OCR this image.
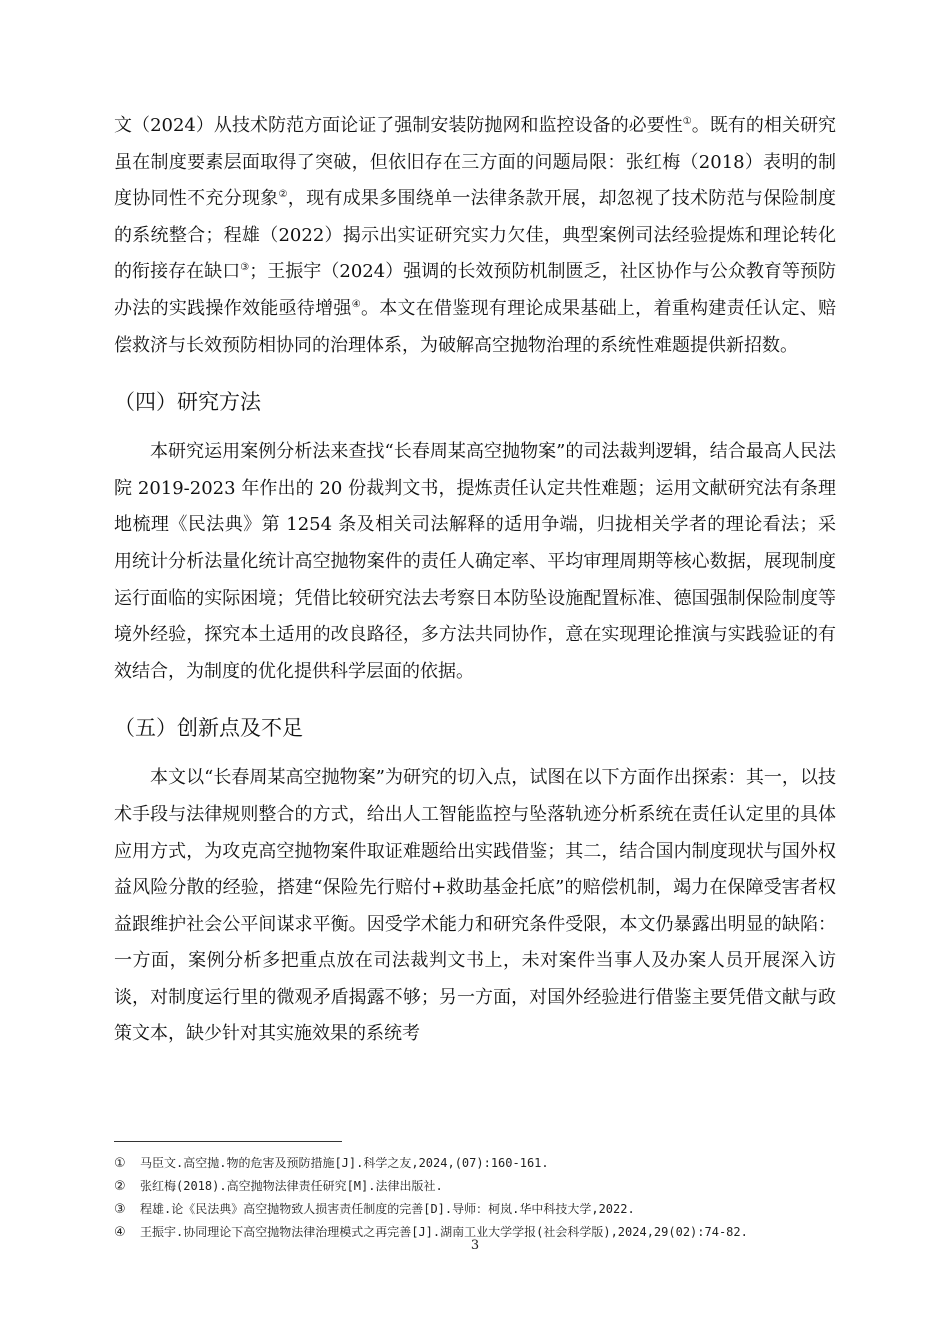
文（2024）从技术防范方面论证了强制安装防抛网和监控设备的必要性①。既有的相关研究虽在制度要素层面取得了突破，但依旧存在三方面的问题局限：张红梅（2018）表明的制度协同性不充分现象②，现有成果多围绕单一法律条款开展，却忽视了技术防范与保险制度的系统整合；程雄（2022）揭示出实证研究实力欠佳，典型案例司法经验提炼和理论转化的衔接存在缺口③；王振宇（2024）强调的长效预防机制匮乏，社区协作与公众教育等预防办法的实践操作效能亟待增强④。本文在借鉴现有理论成果基础上，着重构建责任认定、赔偿救济与长效预防相协同的治理体系，为破解高空抛物治理的系统性难题提供新招数。

（四）研究方法

本研究运用案例分析法来查找“长春周某高空抛物案”的司法裁判逻辑，结合最高人民法院 2019-2023 年作出的 20 份裁判文书，提炼责任认定共性难题；运用文献研究法有条理地梳理《民法典》第 1254 条及相关司法解释的适用争端，归拢相关学者的理论看法；采用统计分析法量化统计高空抛物案件的责任人确定率、平均审理周期等核心数据，展现制度运行面临的实际困境；凭借比较研究法去考察日本防坠设施配置标准、德国强制保险制度等境外经验，探究本土适用的改良路径，多方法共同协作，意在实现理论推演与实践验证的有效结合，为制度的优化提供科学层面的依据。

（五）创新点及不足

本文以“长春周某高空抛物案”为研究的切入点，试图在以下方面作出探索：其一，以技术手段与法律规则整合的方式，给出人工智能监控与坠落轨迹分析系统在责任认定里的具体应用方式，为攻克高空抛物案件取证难题给出实践借鉴；其二，结合国内制度现状与国外权益风险分散的经验，搭建“保险先行赔付+救助基金托底”的赔偿机制，竭力在保障受害者权益跟维护社会公平间谋求平衡。因受学术能力和研究条件受限，本文仍暴露出明显的缺陷：一方面，案例分析多把重点放在司法裁判文书上，未对案件当事人及办案人员开展深入访谈，对制度运行里的微观矛盾揭露不够；另一方面，对国外经验进行借鉴主要凭借文献与政策文本，缺少针对其实施效果的系统考

① 马臣文.高空抛.物的危害及预防措施[J].科学之友,2024,(07):160-161.
② 张红梅(2018).高空抛物法律责任研究[M].法律出版社.
③ 程雄.论《民法典》高空抛物致人损害责任制度的完善[D].导师：柯岚.华中科技大学,2022.
④ 王振宇.协同理论下高空抛物法律治理模式之再完善[J].湖南工业大学学报(社会科学版),2024,29(02):74-82.
3
